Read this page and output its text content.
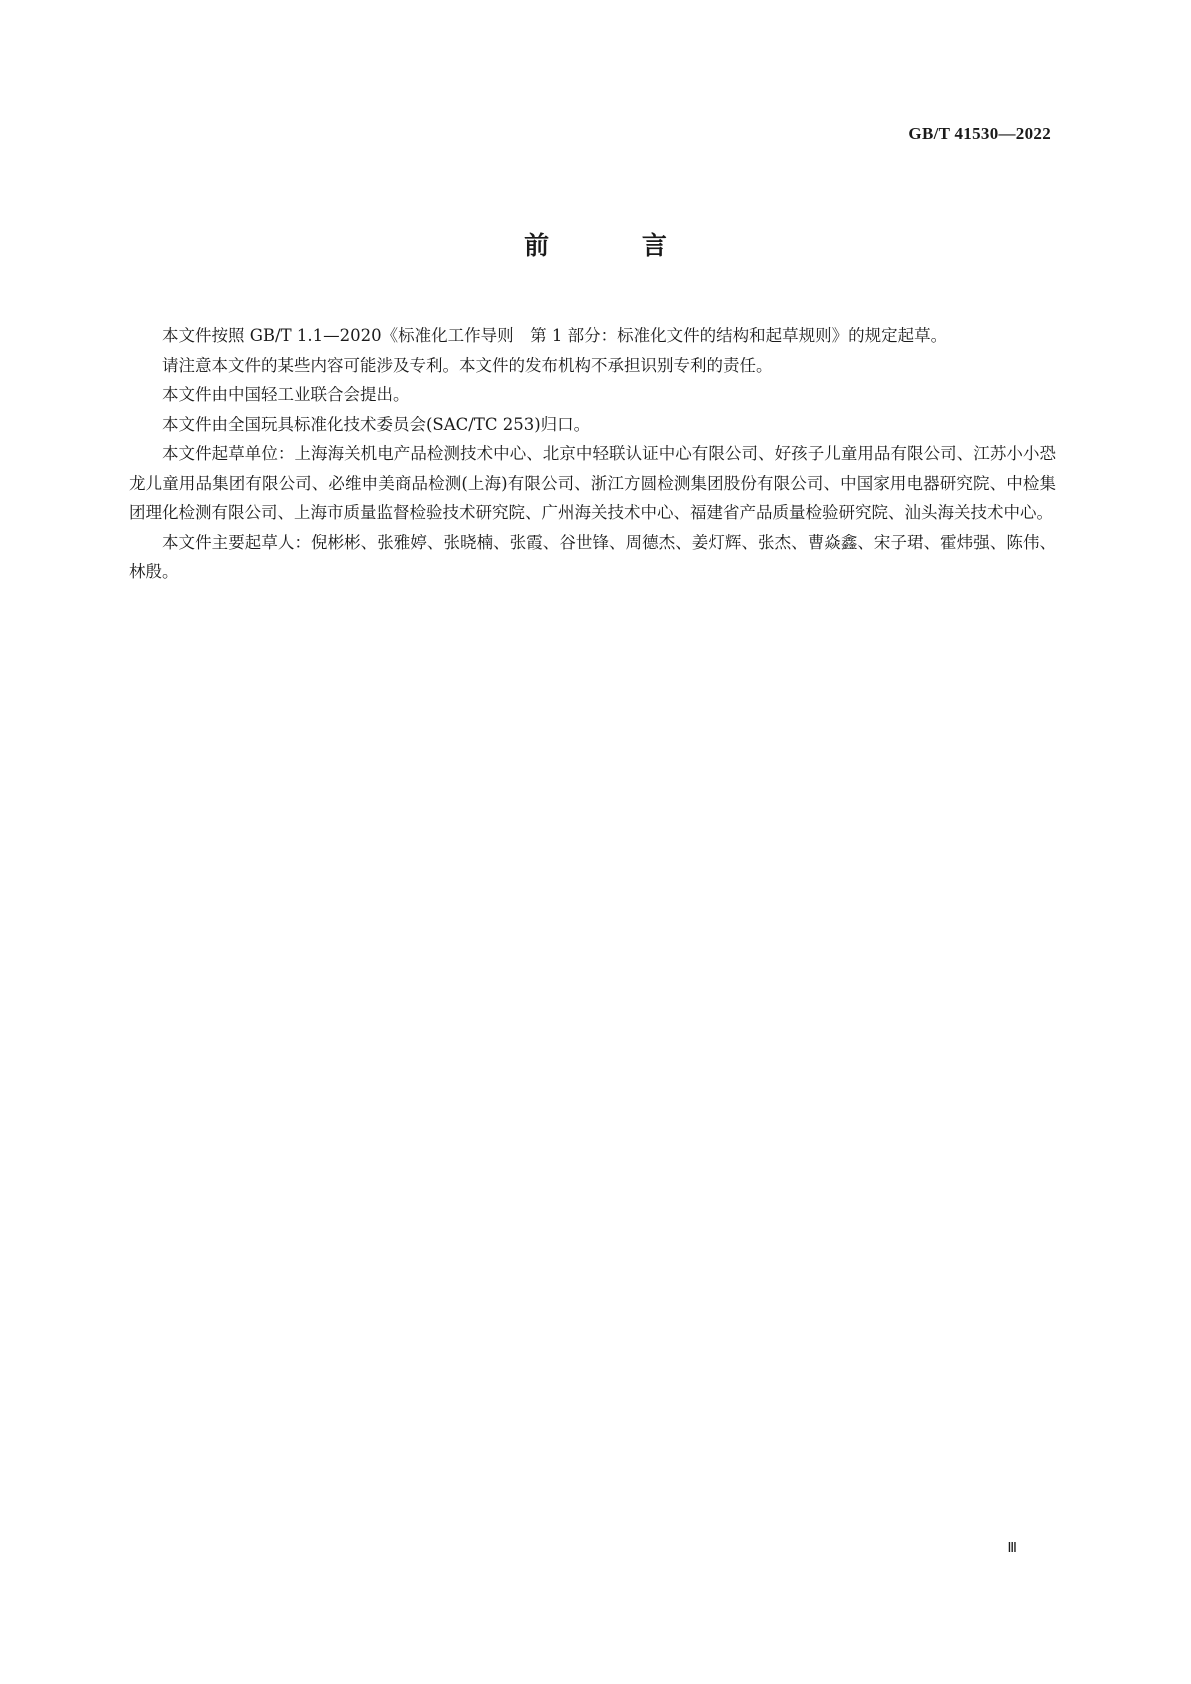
GB/T 41530—2022
前 言

本文件按照 GB/T 1.1—2020《标准化工作导则　第 1 部分：标准化文件的结构和起草规则》的规定起草。

请注意本文件的某些内容可能涉及专利。本文件的发布机构不承担识别专利的责任。

本文件由中国轻工业联合会提出。

本文件由全国玩具标准化技术委员会(SAC/TC 253)归口。

本文件起草单位：上海海关机电产品检测技术中心、北京中轻联认证中心有限公司、好孩子儿童用品有限公司、江苏小小恐龙儿童用品集团有限公司、必维申美商品检测(上海)有限公司、浙江方圆检测集团股份有限公司、中国家用电器研究院、中检集团理化检测有限公司、上海市质量监督检验技术研究院、广州海关技术中心、福建省产品质量检验研究院、汕头海关技术中心。

本文件主要起草人：倪彬彬、张雅婷、张晓楠、张霞、谷世锋、周德杰、姜灯辉、张杰、曹焱鑫、宋子珺、霍炜强、陈伟、林殷。

Ⅲ
